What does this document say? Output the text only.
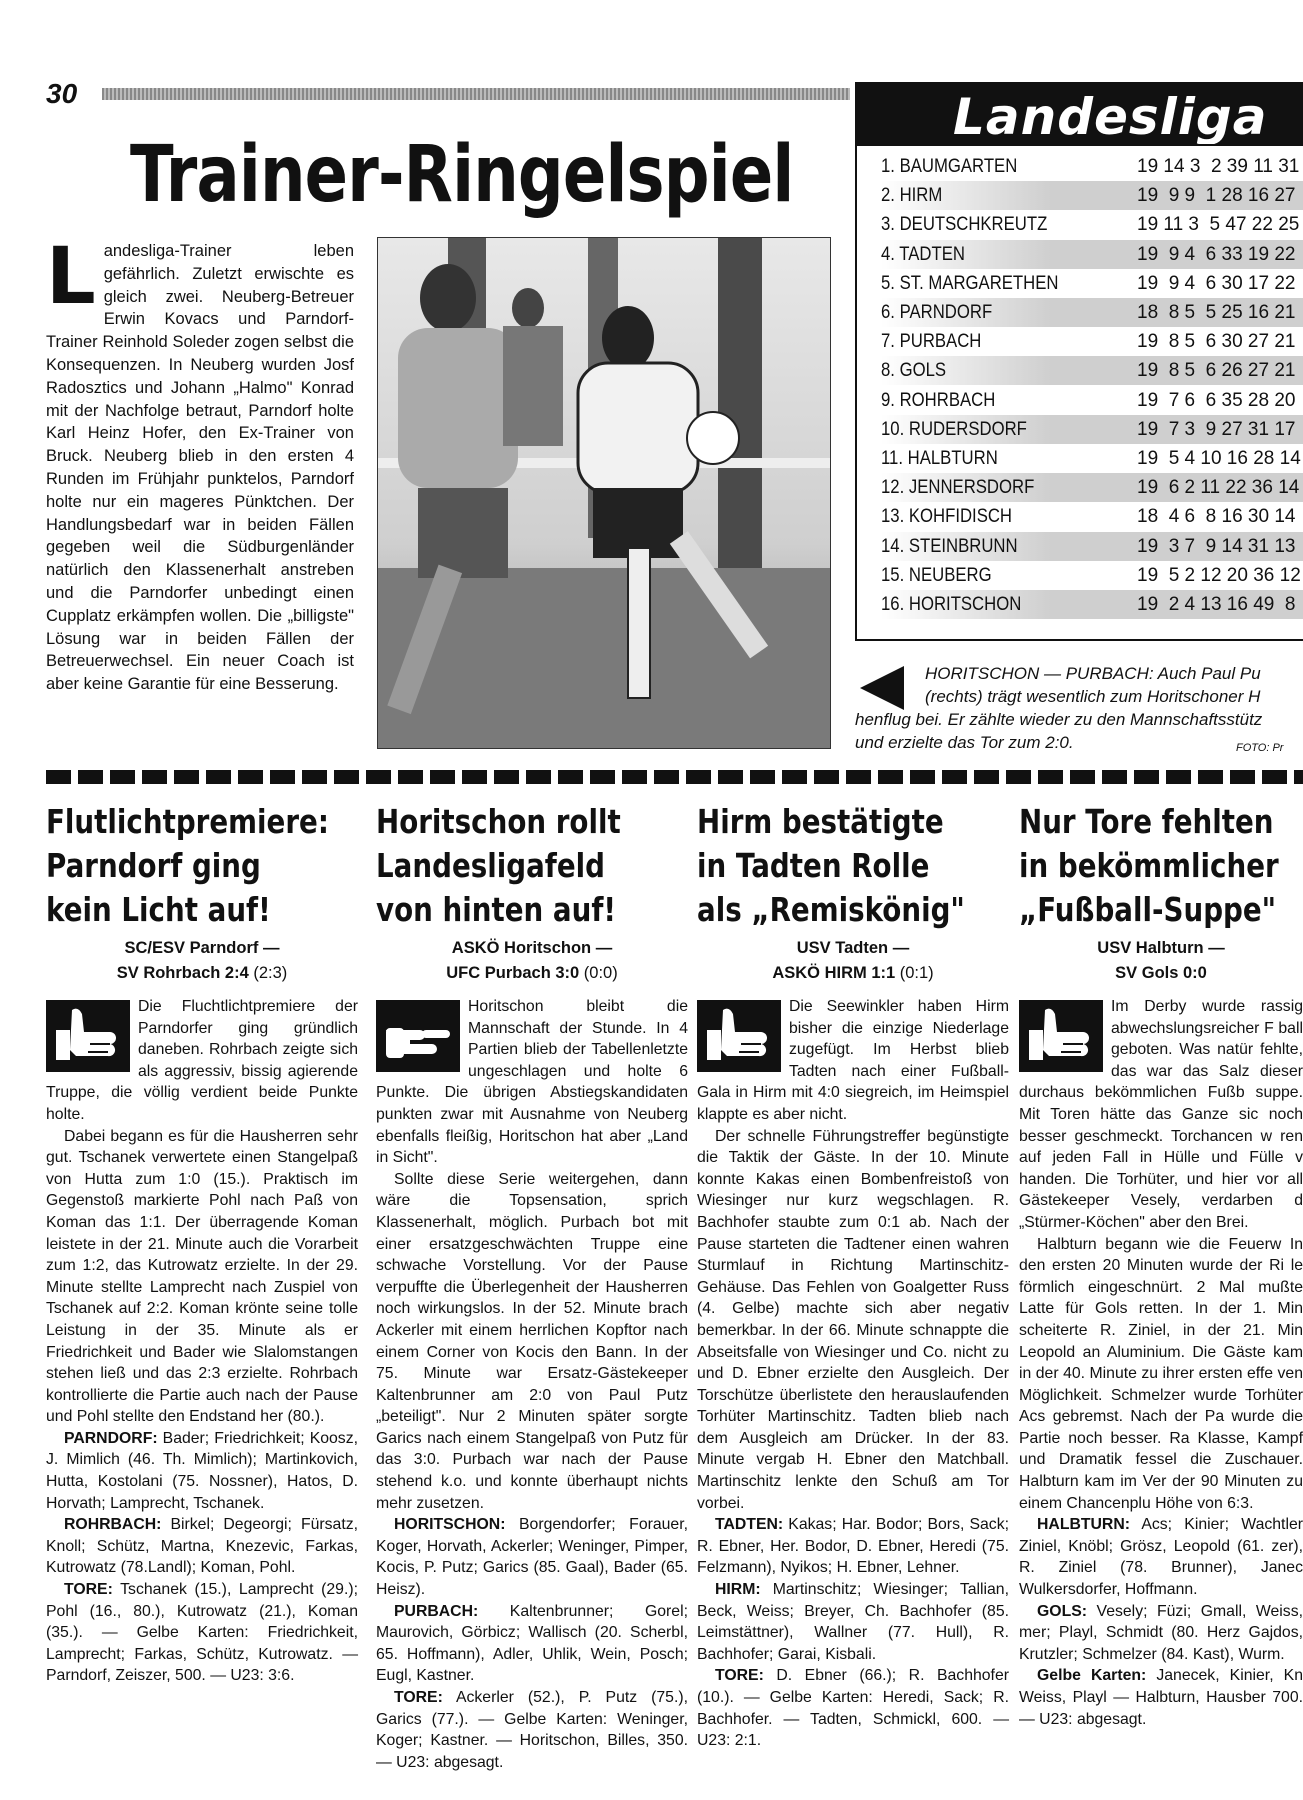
30	Landesliga
Trainer-Ringelspiel
L andesliga-Trainer leben gefährlich. Zuletzt erwischte es gleich zwei. Neuberg-Betreuer Erwin Kovacs und Parndorf-Trainer Reinhold Soleder zogen selbst die Konsequenzen. In Neuberg wurden Josf Radosztics und Johann „Halmo" Konrad mit der Nachfolge betraut, Parndorf holte Karl Heinz Hofer, den Ex-Trainer von Bruck. Neuberg blieb in den ersten 4 Runden im Frühjahr punktelos, Parndorf holte nur ein mageres Pünktchen. Der Handlungsbedarf war in beiden Fällen gegeben weil die Südburgenländer natürlich den Klassenerhalt anstreben und die Parndorfer unbedingt einen Cupplatz erkämpfen wollen. Die „billigste" Lösung war in beiden Fällen der Betreuerwechsel. Ein neuer Coach ist aber keine Garantie für eine Besserung.
1. BAUMGARTEN	19 14 3  2 39 11 31
2. HIRM	19  9 9  1 28 16 27
3. DEUTSCHKREUTZ	19 11 3  5 47 22 25
4. TADTEN	19  9 4  6 33 19 22
5. ST. MARGARETHEN	19  9 4  6 30 17 22
6. PARNDORF	18  8 5  5 25 16 21
7. PURBACH	19  8 5  6 30 27 21
8. GOLS	19  8 5  6 26 27 21
9. ROHRBACH	19  7 6  6 35 28 20
10. RUDERSDORF	19  7 3  9 27 31 17
11. HALBTURN	19  5 4 10 16 28 14
12. JENNERSDORF	19  6 2 11 22 36 14
13. KOHFIDISCH	18  4 6  8 16 30 14
14. STEINBRUNN	19  3 7  9 14 31 13
15. NEUBERG	19  5 2 12 20 36 12
16. HORITSCHON	19  2 4 13 16 49  8
HORITSCHON — PURBACH: Auch Paul Pu
(rechts) trägt wesentlich zum Horitschoner H
henflug bei. Er zählte wieder zu den Mannschaftsstütz
und erzielte das Tor zum 2:0.	FOTO: Pr
Flutlichtpremiere:
Parndorf ging
kein Licht auf!
SC/ESV Parndorf —
SV Rohrbach 2:4 (2:3)

Die Fluchtlichtpremiere der Parndorfer ging gründlich daneben. Rohrbach zeigte sich als aggressiv, bissig agierende Truppe, die völlig verdient beide Punkte holte.

Dabei begann es für die Hausherren sehr gut. Tschanek verwertete einen Stangelpaß von Hutta zum 1:0 (15.). Praktisch im Gegenstoß markierte Pohl nach Paß von Koman das 1:1. Der überragende Koman leistete in der 21. Minute auch die Vorarbeit zum 1:2, das Kutrowatz erzielte. In der 29. Minute stellte Lamprecht nach Zuspiel von Tschanek auf 2:2. Koman krönte seine tolle Leistung in der 35. Minute als er Friedrichkeit und Bader wie Slalomstangen stehen ließ und das 2:3 erzielte. Rohrbach kontrollierte die Partie auch nach der Pause und Pohl stellte den Endstand her (80.).

PARNDORF: Bader; Friedrichkeit; Koosz, J. Mimlich (46. Th. Mimlich); Martinkovich, Hutta, Kostolani (75. Nossner), Hatos, D. Horvath; Lamprecht, Tschanek.

ROHRBACH: Birkel; Degeorgi; Fürsatz, Knoll; Schütz, Martna, Knezevic, Farkas, Kutrowatz (78.Landl); Koman, Pohl.

TORE: Tschanek (15.), Lamprecht (29.); Pohl (16., 80.), Kutrowatz (21.), Koman (35.). — Gelbe Karten: Friedrichkeit, Lamprecht; Farkas, Schütz, Kutrowatz. — Parndorf, Zeiszer, 500. — U23: 3:6.

Horitschon rollt
Landesligafeld
von hinten auf!
ASKÖ Horitschon —
UFC Purbach 3:0 (0:0)

Horitschon bleibt die Mannschaft der Stunde. In 4 Partien blieb der Tabellenletzte ungeschlagen und holte 6 Punkte. Die übrigen Abstiegskandidaten punkten zwar mit Ausnahme von Neuberg ebenfalls fleißig, Horitschon hat aber „Land in Sicht".

Sollte diese Serie weitergehen, dann wäre die Topsensation, sprich Klassenerhalt, möglich. Purbach bot mit einer ersatzgeschwächten Truppe eine schwache Vorstellung. Vor der Pause verpuffte die Überlegenheit der Hausherren noch wirkungslos. In der 52. Minute brach Ackerler mit einem herrlichen Kopftor nach einem Corner von Kocis den Bann. In der 75. Minute war Ersatz-Gästekeeper Kaltenbrunner am 2:0 von Paul Putz „beteiligt". Nur 2 Minuten später sorgte Garics nach einem Stangelpaß von Putz für das 3:0. Purbach war nach der Pause stehend k.o. und konnte überhaupt nichts mehr zusetzen.

HORITSCHON: Borgendorfer; Forauer, Koger, Horvath, Ackerler; Weninger, Pimper, Kocis, P. Putz; Garics (85. Gaal), Bader (65. Heisz).

PURBACH: Kaltenbrunner; Gorel; Maurovich, Görbicz; Wallisch (20. Scherbl, 65. Hoffmann), Adler, Uhlik, Wein, Posch; Eugl, Kastner.

TORE: Ackerler (52.), P. Putz (75.), Garics (77.). — Gelbe Karten: Weninger, Koger; Kastner. — Horitschon, Billes, 350. — U23: abgesagt.

Hirm bestätigte
in Tadten Rolle
als „Remiskönig"
USV Tadten —
ASKÖ HIRM 1:1 (0:1)

Die Seewinkler haben Hirm bisher die einzige Niederlage zugefügt. Im Herbst blieb Tadten nach einer Fußball-Gala in Hirm mit 4:0 siegreich, im Heimspiel klappte es aber nicht.

Der schnelle Führungstreffer begünstigte die Taktik der Gäste. In der 10. Minute konnte Kakas einen Bombenfreistoß von Wiesinger nur kurz wegschlagen. R. Bachhofer staubte zum 0:1 ab. Nach der Pause starteten die Tadtener einen wahren Sturmlauf in Richtung Martinschitz-Gehäuse. Das Fehlen von Goalgetter Russ (4. Gelbe) machte sich aber negativ bemerkbar. In der 66. Minute schnappte die Abseitsfalle von Wiesinger und Co. nicht zu und D. Ebner erzielte den Ausgleich. Der Torschütze überlistete den herauslaufenden Torhüter Martinschitz. Tadten blieb nach dem Ausgleich am Drücker. In der 83. Minute vergab H. Ebner den Matchball. Martinschitz lenkte den Schuß am Tor vorbei.

TADTEN: Kakas; Har. Bodor; Bors, Sack; R. Ebner, Her. Bodor, D. Ebner, Heredi (75. Felzmann), Nyikos; H. Ebner, Lehner.

HIRM: Martinschitz; Wiesinger; Tallian, Beck, Weiss; Breyer, Ch. Bachhofer (85. Leimstättner), Wallner (77. Hull), R. Bachhofer; Garai, Kisbali.

TORE: D. Ebner (66.); R. Bachhofer (10.). — Gelbe Karten: Heredi, Sack; R. Bachhofer. — Tadten, Schmickl, 600. — U23: 2:1.

Nur Tore fehlten
in bekömmlicher
„Fußball-Suppe"
USV Halbturn —
SV Gols 0:0

Im Derby wurde rassig abwechslungsreicher F ball geboten. Was natür fehlte, das war das Salz dieser durchaus bekömmlichen Fußb suppe. Mit Toren hätte das Ganze sic noch besser geschmeckt. Torchancen w ren auf jeden Fall in Hülle und Fülle v handen. Die Torhüter, und hier vor all Gästekeeper Vesely, verdarben d „Stürmer-Köchen" aber den Brei.

Halbturn begann wie die Feuerw In den ersten 20 Minuten wurde der Ri le förmlich eingeschnürt. 2 Mal mußte Latte für Gols retten. In der 1. Min scheiterte R. Ziniel, in der 21. Min Leopold an Aluminium. Die Gäste kam in der 40. Minute zu ihrer ersten effe ven Möglichkeit. Schmelzer wurde Torhüter Acs gebremst. Nach der Pa wurde die Partie noch besser. Ra Klasse, Kampf und Dramatik fessel die Zuschauer. Halbturn kam im Ver der 90 Minuten zu einem Chancenplu Höhe von 6:3.

HALBTURN: Acs; Kinier; Wachtler Ziniel, Knöbl; Grösz, Leopold (61. zer), R. Ziniel (78. Brunner), Janec Wulkersdorfer, Hoffmann.

GOLS: Vesely; Füzi; Gmall, Weiss, mer; Playl, Schmidt (80. Herz Gajdos, Krutzler; Schmelzer (84. Kast), Wurm.

Gelbe Karten: Janecek, Kinier, Kn Weiss, Playl — Halbturn, Hausber 700. — U23: abgesagt.
